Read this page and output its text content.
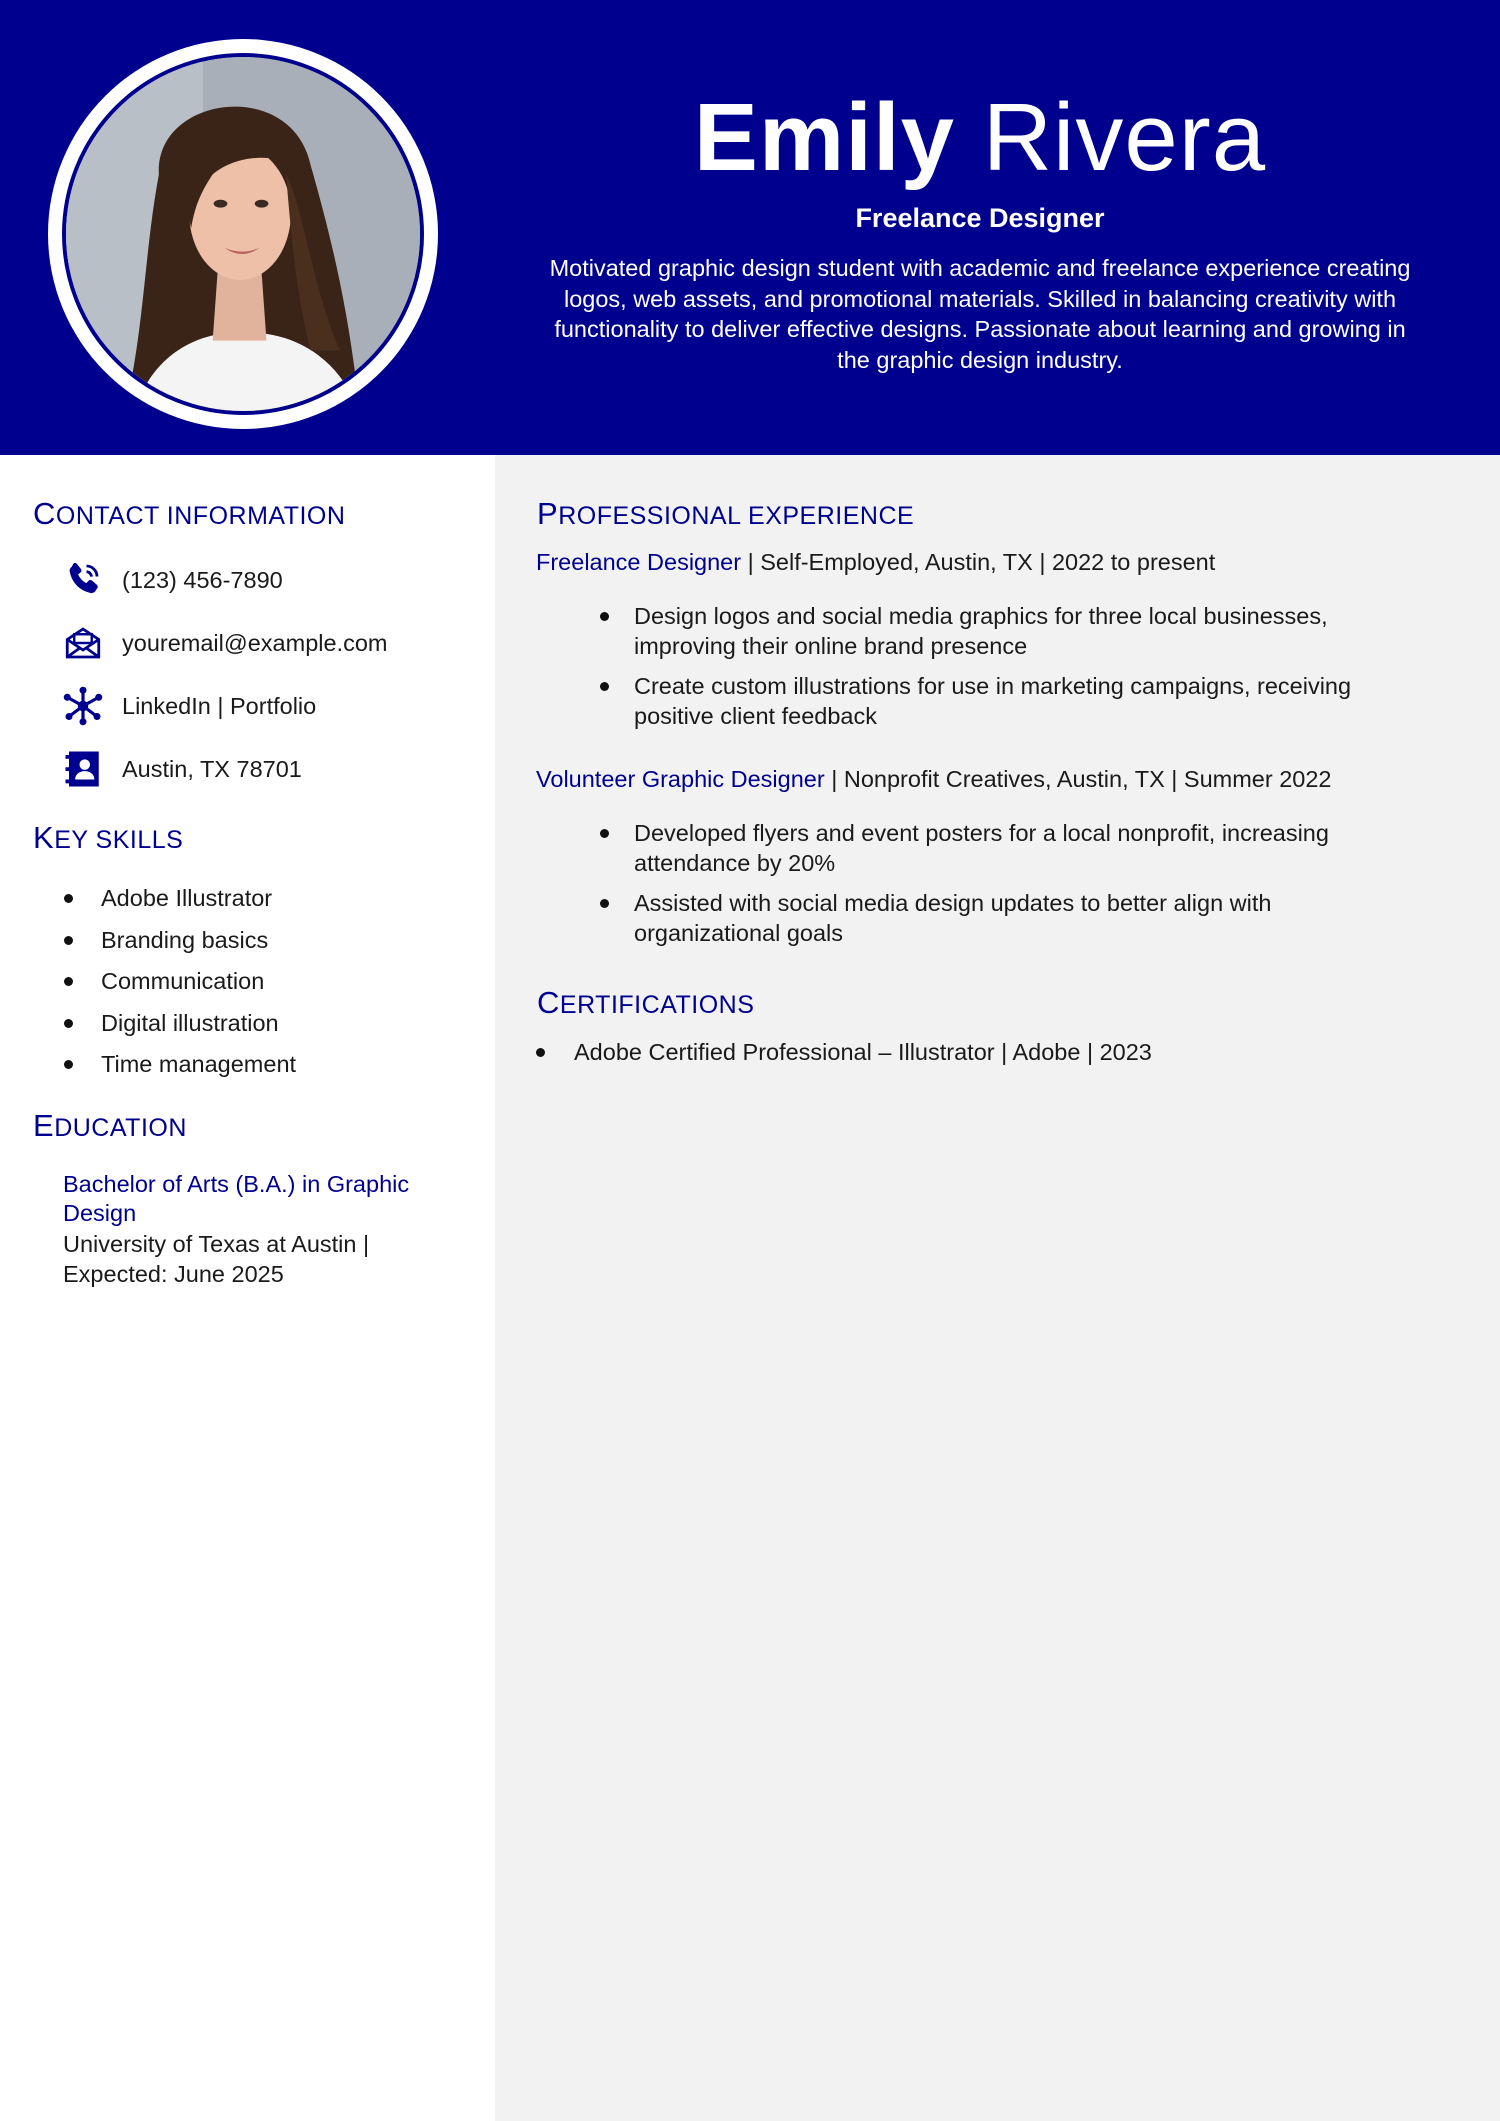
Emily Rivera
Freelance Designer
Motivated graphic design student with academic and freelance experience creating logos, web assets, and promotional materials. Skilled in balancing creativity with functionality to deliver effective designs. Passionate about learning and growing in the graphic design industry.
CONTACT INFORMATION
(123) 456-7890
youremail@example.com
LinkedIn | Portfolio
Austin, TX 78701
KEY SKILLS
Adobe Illustrator
Branding basics
Communication
Digital illustration
Time management
EDUCATION
Bachelor of Arts (B.A.) in Graphic Design
University of Texas at Austin | Expected: June 2025
PROFESSIONAL EXPERIENCE
Freelance Designer | Self-Employed, Austin, TX | 2022 to present
Design logos and social media graphics for three local businesses, improving their online brand presence
Create custom illustrations for use in marketing campaigns, receiving positive client feedback
Volunteer Graphic Designer | Nonprofit Creatives, Austin, TX | Summer 2022
Developed flyers and event posters for a local nonprofit, increasing attendance by 20%
Assisted with social media design updates to better align with organizational goals
CERTIFICATIONS
Adobe Certified Professional – Illustrator | Adobe | 2023
